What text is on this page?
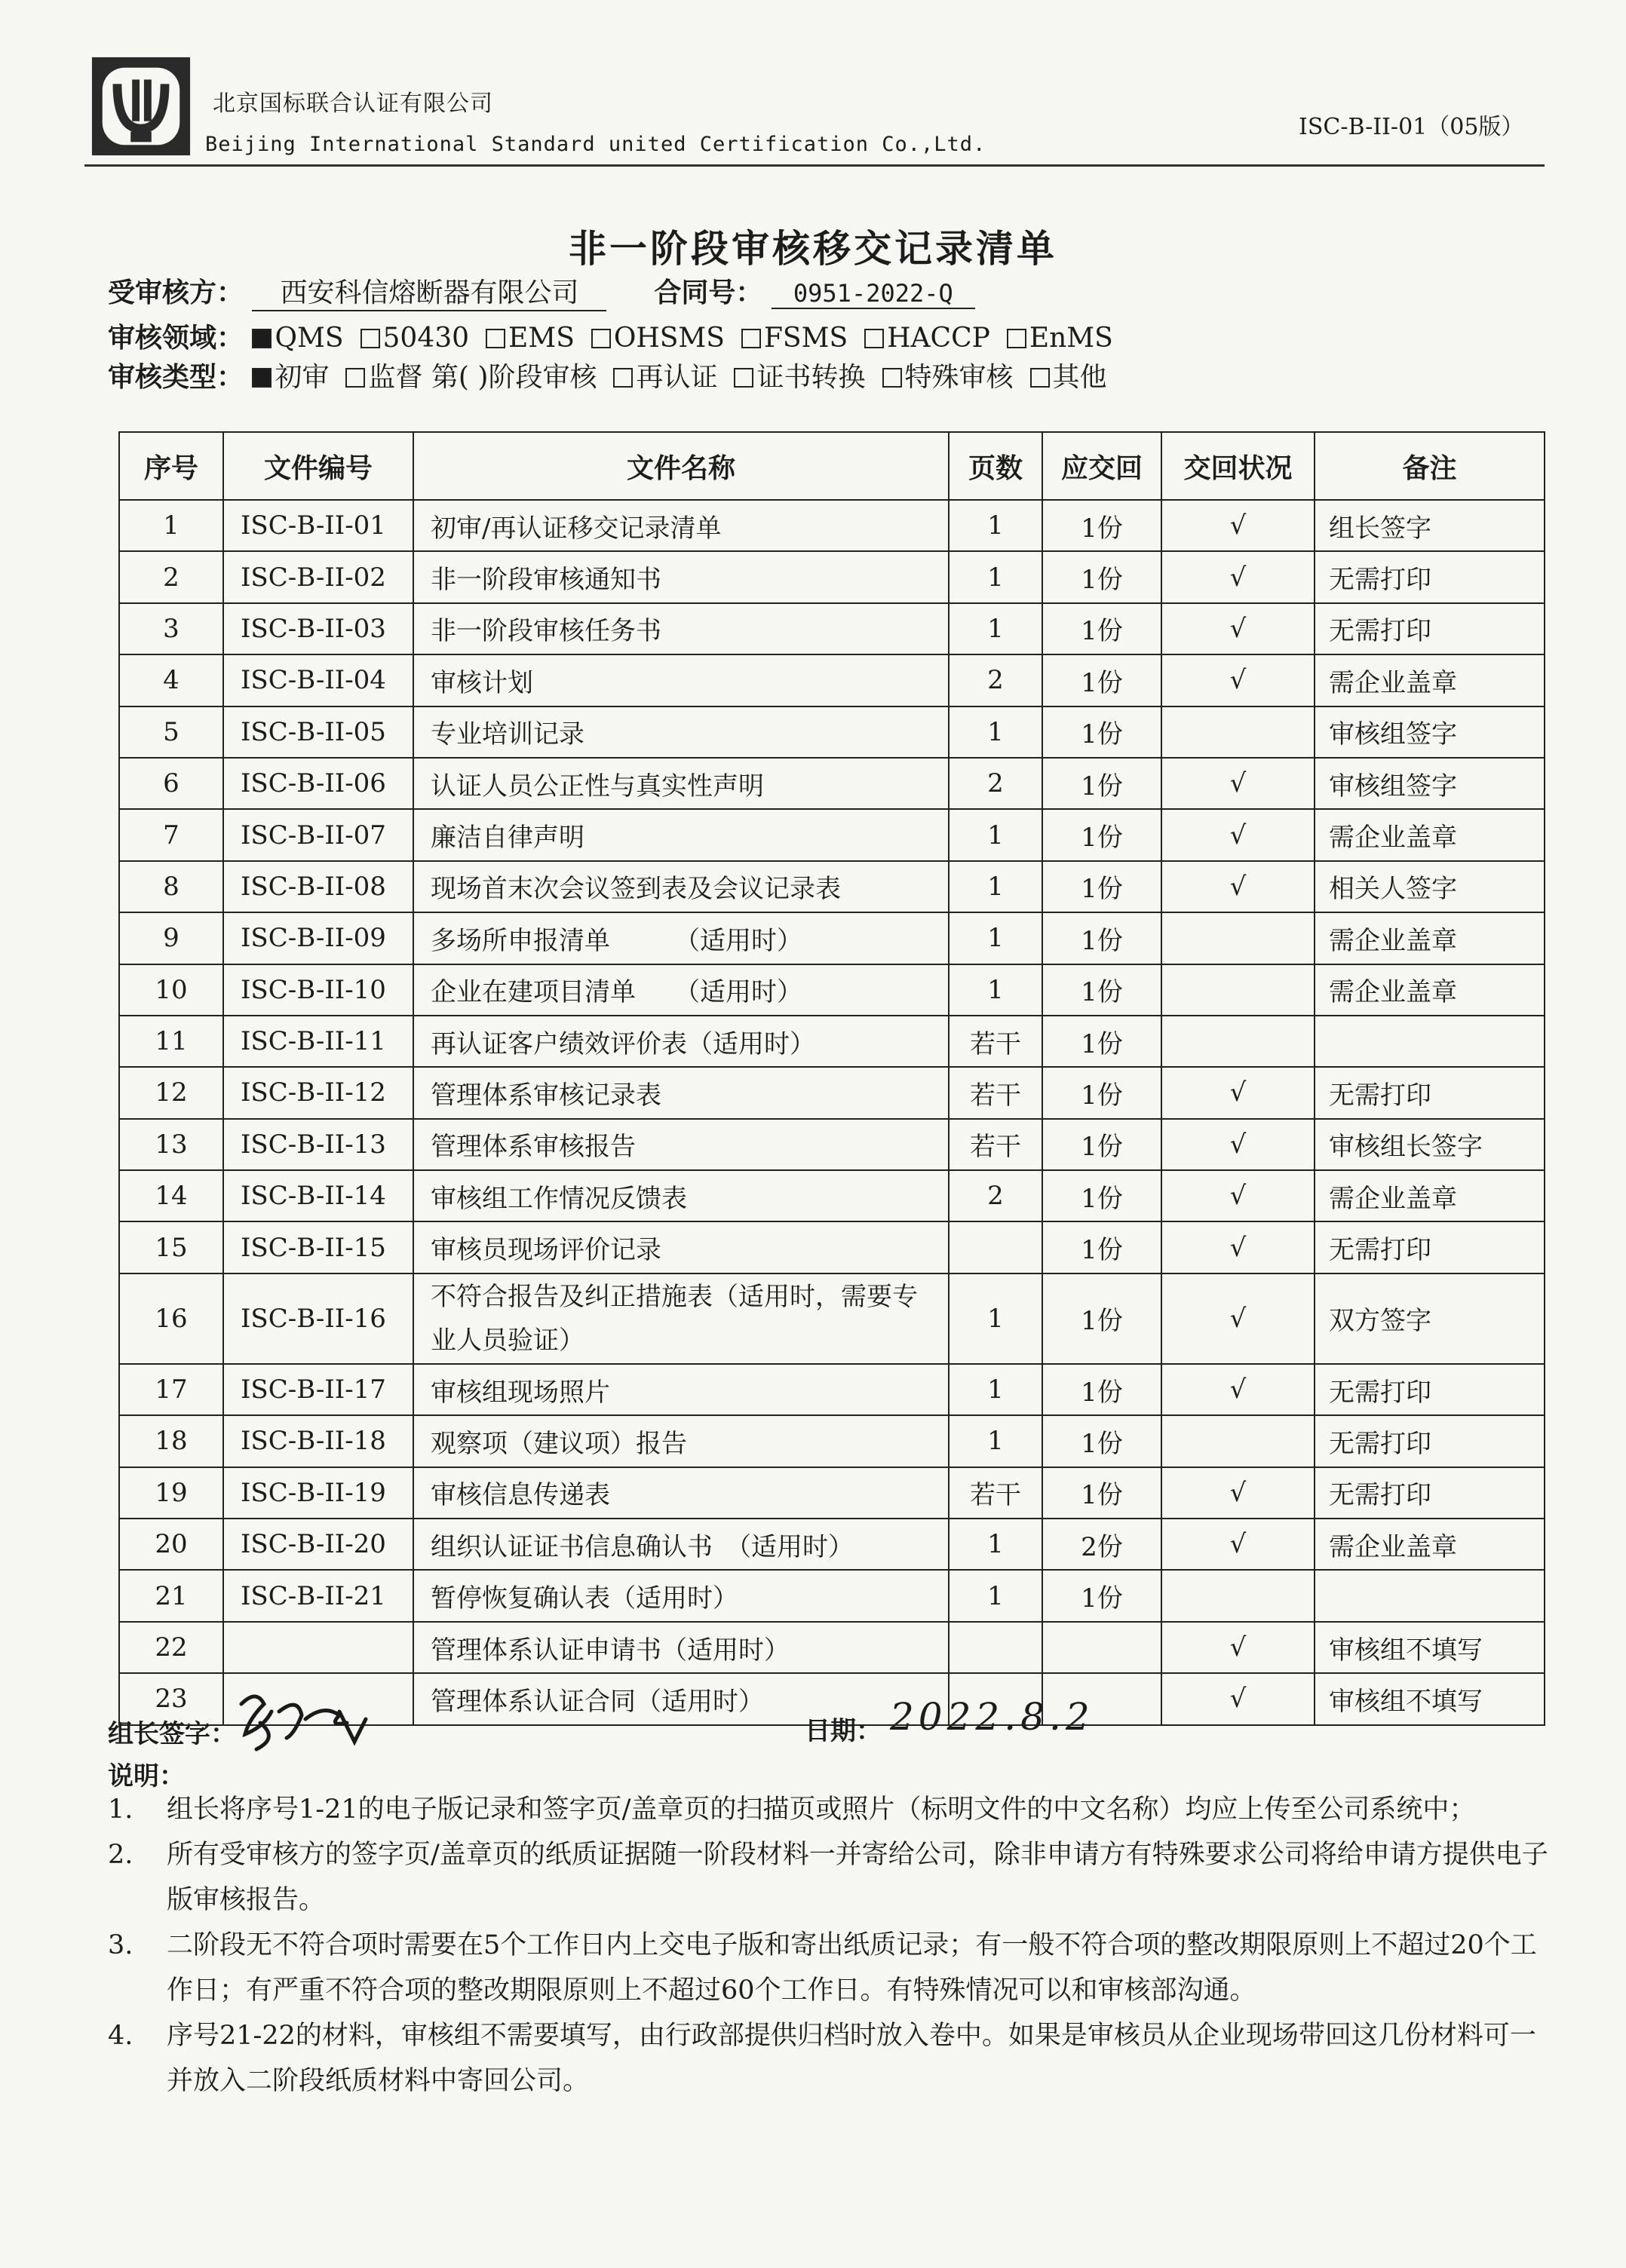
北京国标联合认证有限公司
Beijing International Standard united Certification Co.,Ltd.
ISC-B-II-01（05版）
非一阶段审核移交记录清单
受审核方： 西安科信熔断器有限公司	合同号： 0951-2022-Q
审核领域： QMS 50430 EMS OHSMS FSMS HACCP EnMS
审核类型： 初审 监督 第( )阶段审核 再认证 证书转换 特殊审核 其他
序号	文件编号	文件名称	页数	应交回	交回状况	备注
1	ISC-B-II-01	初审/再认证移交记录清单	1	1份	√	组长签字
2	ISC-B-II-02	非一阶段审核通知书	1	1份	√	无需打印
3	ISC-B-II-03	非一阶段审核任务书	1	1份	√	无需打印
4	ISC-B-II-04	审核计划	2	1份	√	需企业盖章
5	ISC-B-II-05	专业培训记录	1	1份		审核组签字
6	ISC-B-II-06	认证人员公正性与真实性声明	2	1份	√	审核组签字
7	ISC-B-II-07	廉洁自律声明	1	1份	√	需企业盖章
8	ISC-B-II-08	现场首末次会议签到表及会议记录表	1	1份	√	相关人签字
9	ISC-B-II-09	多场所申报清单　　　（适用时）	1	1份		需企业盖章
10	ISC-B-II-10	企业在建项目清单　　（适用时）	1	1份		需企业盖章
11	ISC-B-II-11	再认证客户绩效评价表（适用时）	若干	1份		
12	ISC-B-II-12	管理体系审核记录表	若干	1份	√	无需打印
13	ISC-B-II-13	管理体系审核报告	若干	1份	√	审核组长签字
14	ISC-B-II-14	审核组工作情况反馈表	2	1份	√	需企业盖章
15	ISC-B-II-15	审核员现场评价记录		1份	√	无需打印
16	ISC-B-II-16	不符合报告及纠正措施表（适用时，需要专业人员验证）	1	1份	√	双方签字
17	ISC-B-II-17	审核组现场照片	1	1份	√	无需打印
18	ISC-B-II-18	观察项（建议项）报告	1	1份		无需打印
19	ISC-B-II-19	审核信息传递表	若干	1份	√	无需打印
20	ISC-B-II-20	组织认证证书信息确认书　（适用时）	1	2份	√	需企业盖章
21	ISC-B-II-21	暂停恢复确认表（适用时）	1	1份		
22		管理体系认证申请书（适用时）			√	审核组不填写
23		管理体系认证合同（适用时）			√	审核组不填写
组长签字：	日期： 2022.8.2
说明：
1.	组长将序号1-21的电子版记录和签字页/盖章页的扫描页或照片（标明文件的中文名称）均应上传至公司系统中；
2.	所有受审核方的签字页/盖章页的纸质证据随一阶段材料一并寄给公司，除非申请方有特殊要求公司将给申请方提供电子版审核报告。
3.	二阶段无不符合项时需要在5个工作日内上交电子版和寄出纸质记录；有一般不符合项的整改期限原则上不超过20个工作日；有严重不符合项的整改期限原则上不超过60个工作日。有特殊情况可以和审核部沟通。
4.	序号21-22的材料，审核组不需要填写，由行政部提供归档时放入卷中。如果是审核员从企业现场带回这几份材料可一并放入二阶段纸质材料中寄回公司。
